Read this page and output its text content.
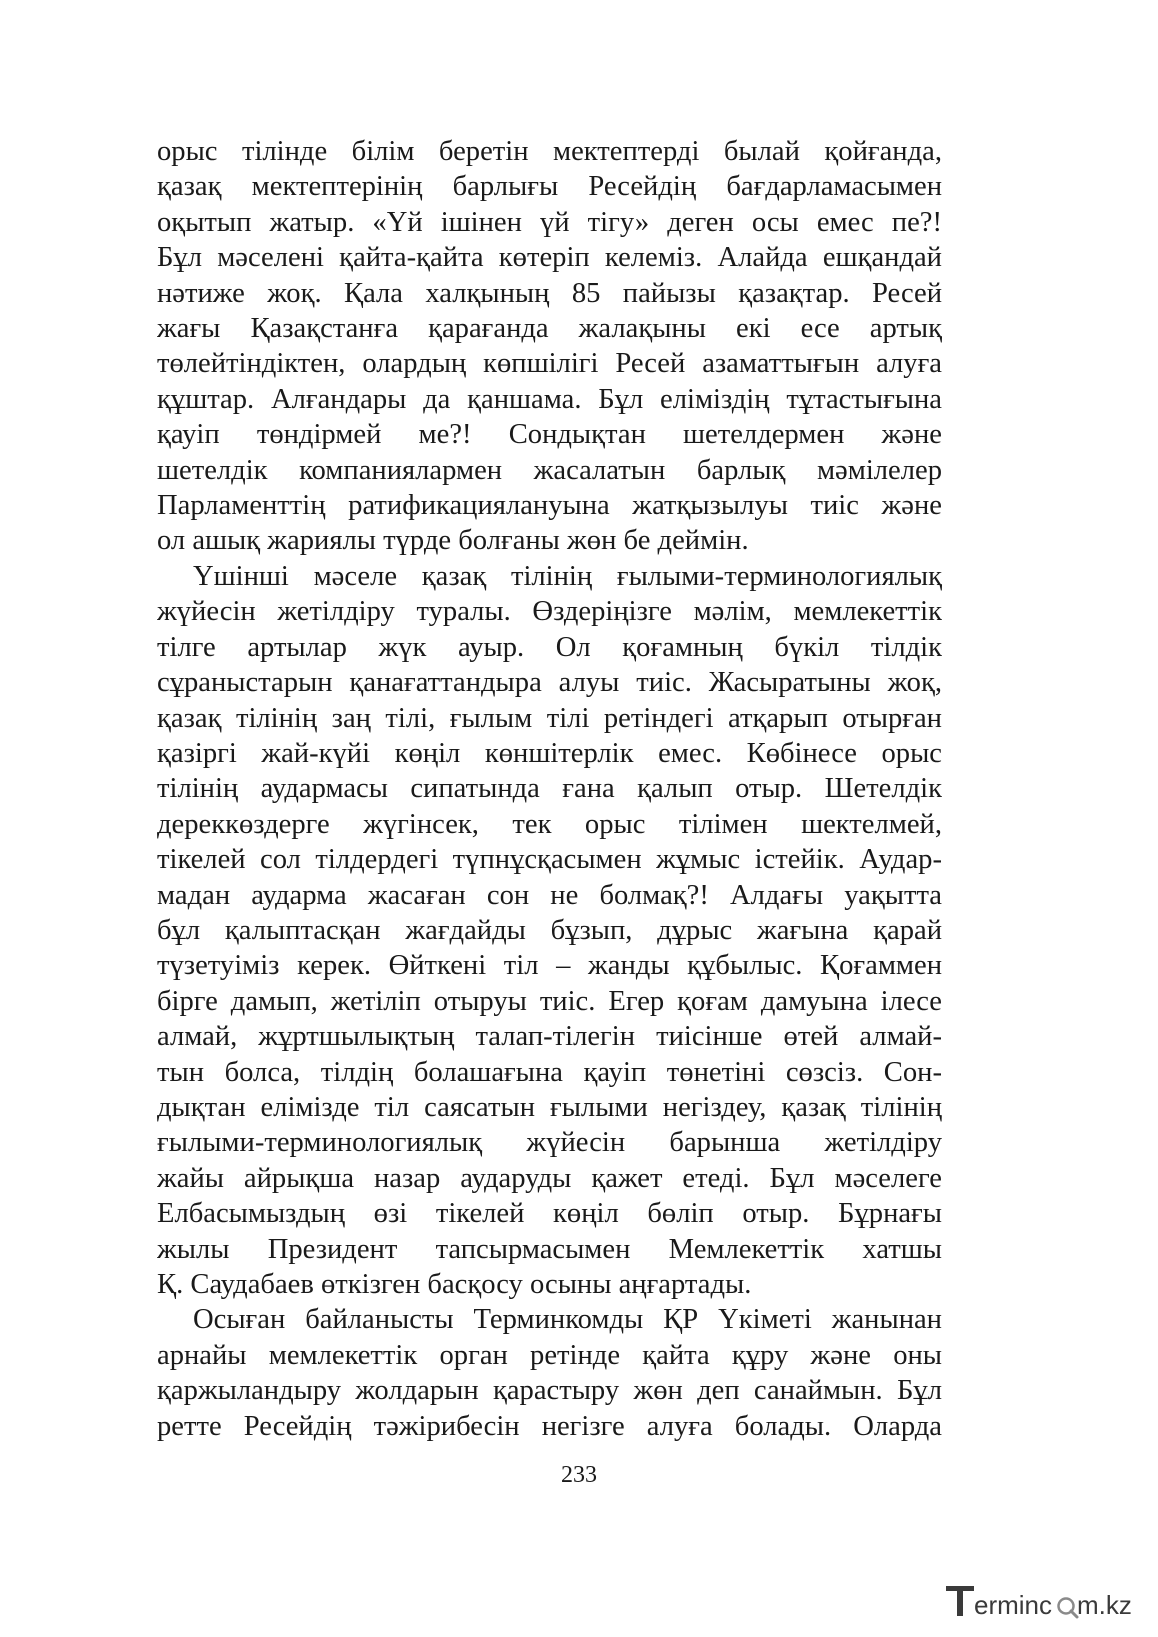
орыс тілінде білім беретін мектептерді былай қойғанда,
қазақ мектептерінің барлығы Ресейдің бағдарламасымен
оқытып жатыр. «Үй ішінен үй тігу» деген осы емес пе?!
Бұл мәселені қайта-қайта көтеріп келеміз. Алайда ешқандай
нәтиже жоқ. Қала халқының 85 пайызы қазақтар. Ресей
жағы Қазақстанға қарағанда жалақыны екі есе артық
төлейтіндіктен, олардың көпшілігі Ресей азаматтығын алуға
құштар. Алғандары да қаншама. Бұл еліміздің тұтастығына
қауіп төндірмей ме?! Сондықтан шетелдермен және
шетелдік компаниялармен жасалатын барлық мәмілелер
Парламенттің ратификациялануына жатқызылуы тиіс және
ол ашық жариялы түрде болғаны жөн бе деймін.
Үшінші мәселе қазақ тілінің ғылыми-терминологиялық
жүйесін жетілдіру туралы. Өздеріңізге мәлім, мемлекеттік
тілге артылар жүк ауыр. Ол қоғамның бүкіл тілдік
сұраныстарын қанағаттандыра алуы тиіс. Жасыратыны жоқ,
қазақ тілінің заң тілі, ғылым тілі ретіндегі атқарып отырған
қазіргі жай-күйі көңіл көншітерлік емес. Көбінесе орыс
тілінің аудармасы сипатында ғана қалып отыр. Шетелдік
дереккөздерге жүгінсек, тек орыс тілімен шектелмей,
тікелей сол тілдердегі түпнұсқасымен жұмыс істейік. Аудар-
мадан аударма жасаған сон не болмақ?! Алдағы уақытта
бұл қалыптасқан жағдайды бұзып, дұрыс жағына қарай
түзетуіміз керек. Өйткені тіл – жанды құбылыс. Қоғаммен
бірге дамып, жетіліп отыруы тиіс. Егер қоғам дамуына ілесе
алмай, жұртшылықтың талап-тілегін тиісінше өтей алмай-
тын болса, тілдің болашағына қауіп төнетіні сөзсіз. Сон-
дықтан елімізде тіл саясатын ғылыми негіздеу, қазақ тілінің
ғылыми-терминологиялық жүйесін барынша жетілдіру
жайы айрықша назар аударуды қажет етеді. Бұл мәселеге
Елбасымыздың өзі тікелей көңіл бөліп отыр. Бұрнағы
жылы Президент тапсырмасымен Мемлекеттік хатшы
Қ. Саудабаев өткізген басқосу осыны аңғартады.
Осыған байланысты Терминкомды ҚР Үкіметі жанынан
арнайы мемлекеттік орган ретінде қайта құру және оны
қаржыландыру жолдарын қарастыру жөн деп санаймын. Бұл
ретте Ресейдің тәжірибесін негізге алуға болады. Оларда
233
erminc m.kz
